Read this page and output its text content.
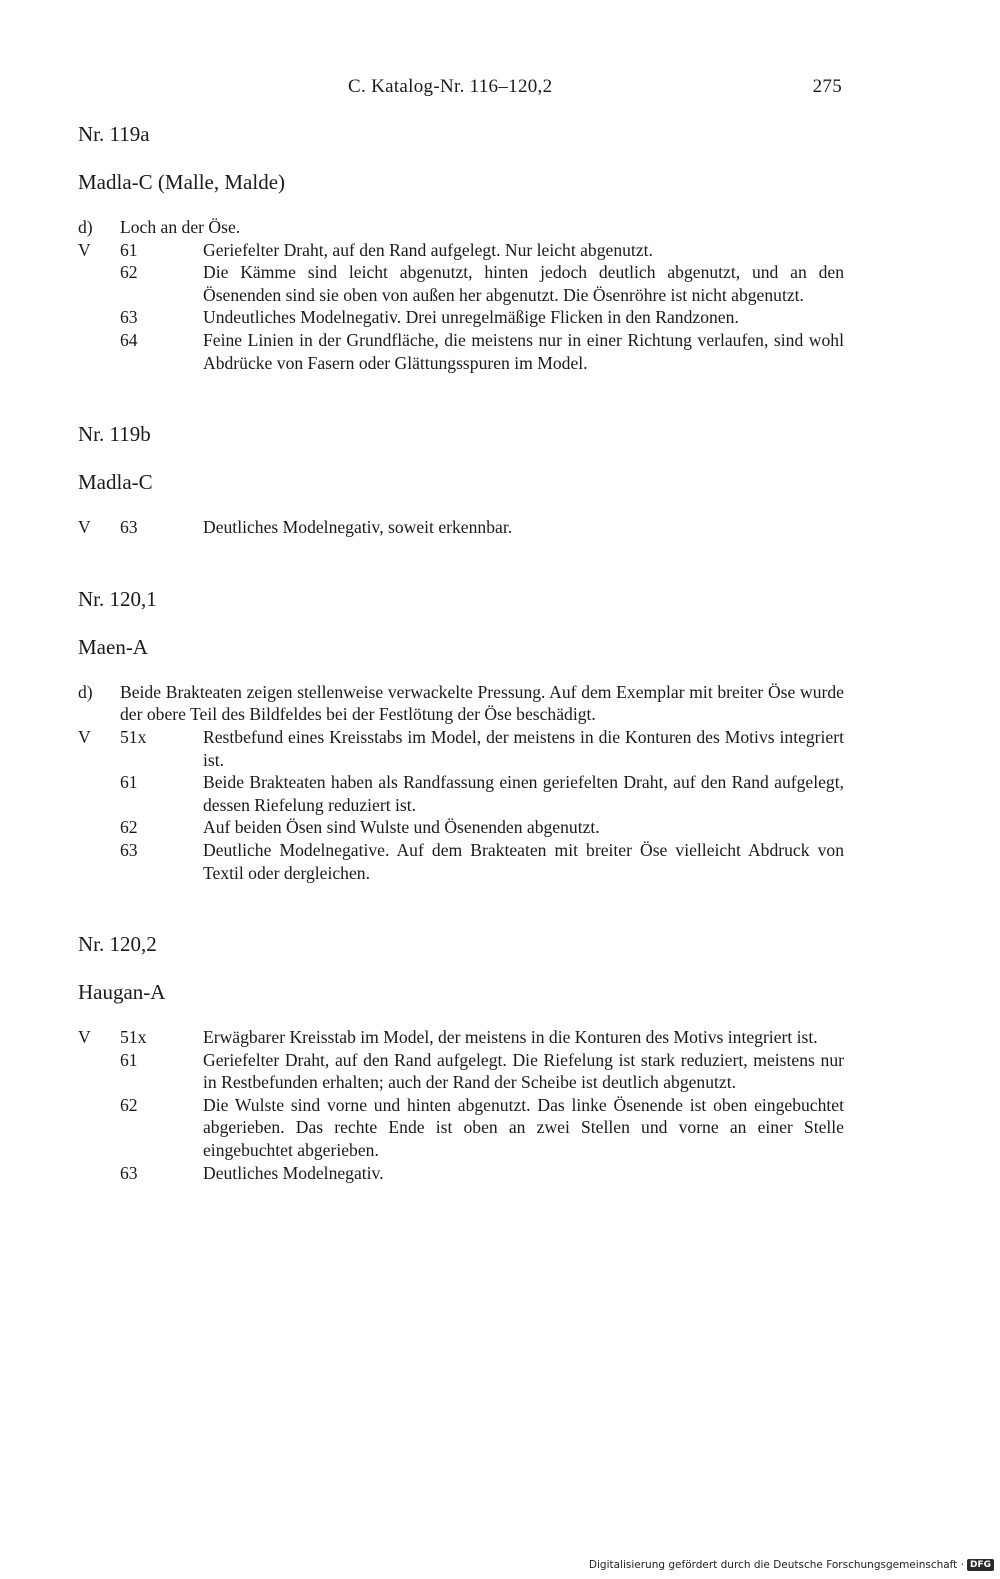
C. Katalog-Nr. 116–120,2	275
Nr. 119a
Madla-C (Malle, Malde)

d) Loch an der Öse.

V 61	Geriefelter Draht, auf den Rand aufgelegt. Nur leicht abgenutzt.
62	Die Kämme sind leicht abgenutzt, hinten jedoch deutlich abgenutzt, und an den Ösenenden sind sie oben von außen her abgenutzt. Die Ösenröhre ist nicht abgenutzt.
63	Undeutliches Modelnegativ. Drei unregelmäßige Flicken in den Randzonen.
64	Feine Linien in der Grundfläche, die meistens nur in einer Richtung verlaufen, sind wohl Abdrücke von Fasern oder Glättungsspuren im Model.
Nr. 119b
Madla-C
V 63	Deutliches Modelnegativ, soweit erkennbar.
Nr. 120,1
Maen-A

d) Beide Brakteaten zeigen stellenweise verwackelte Pressung. Auf dem Exemplar mit breiter Öse wurde der obere Teil des Bildfeldes bei der Festlötung der Öse beschädigt.

V 51x	Restbefund eines Kreisstabs im Model, der meistens in die Konturen des Motivs integriert ist.
61	Beide Brakteaten haben als Randfassung einen geriefelten Draht, auf den Rand aufgelegt, dessen Riefelung reduziert ist.
62	Auf beiden Ösen sind Wulste und Ösenenden abgenutzt.
63	Deutliche Modelnegative. Auf dem Brakteaten mit breiter Öse vielleicht Abdruck von Textil oder dergleichen.
Nr. 120,2
Haugan-A
V 51x	Erwägbarer Kreisstab im Model, der meistens in die Konturen des Motivs integriert ist.
61	Geriefelter Draht, auf den Rand aufgelegt. Die Riefelung ist stark reduziert, meistens nur in Restbefunden erhalten; auch der Rand der Scheibe ist deutlich abgenutzt.
62	Die Wulste sind vorne und hinten abgenutzt. Das linke Ösenende ist oben eingebuchtet abgerieben. Das rechte Ende ist oben an zwei Stellen und vorne an einer Stelle eingebuchtet abgerieben.
63	Deutliches Modelnegativ.
Digitalisierung gefördert durch die Deutsche Forschungsgemeinschaft · DFG
